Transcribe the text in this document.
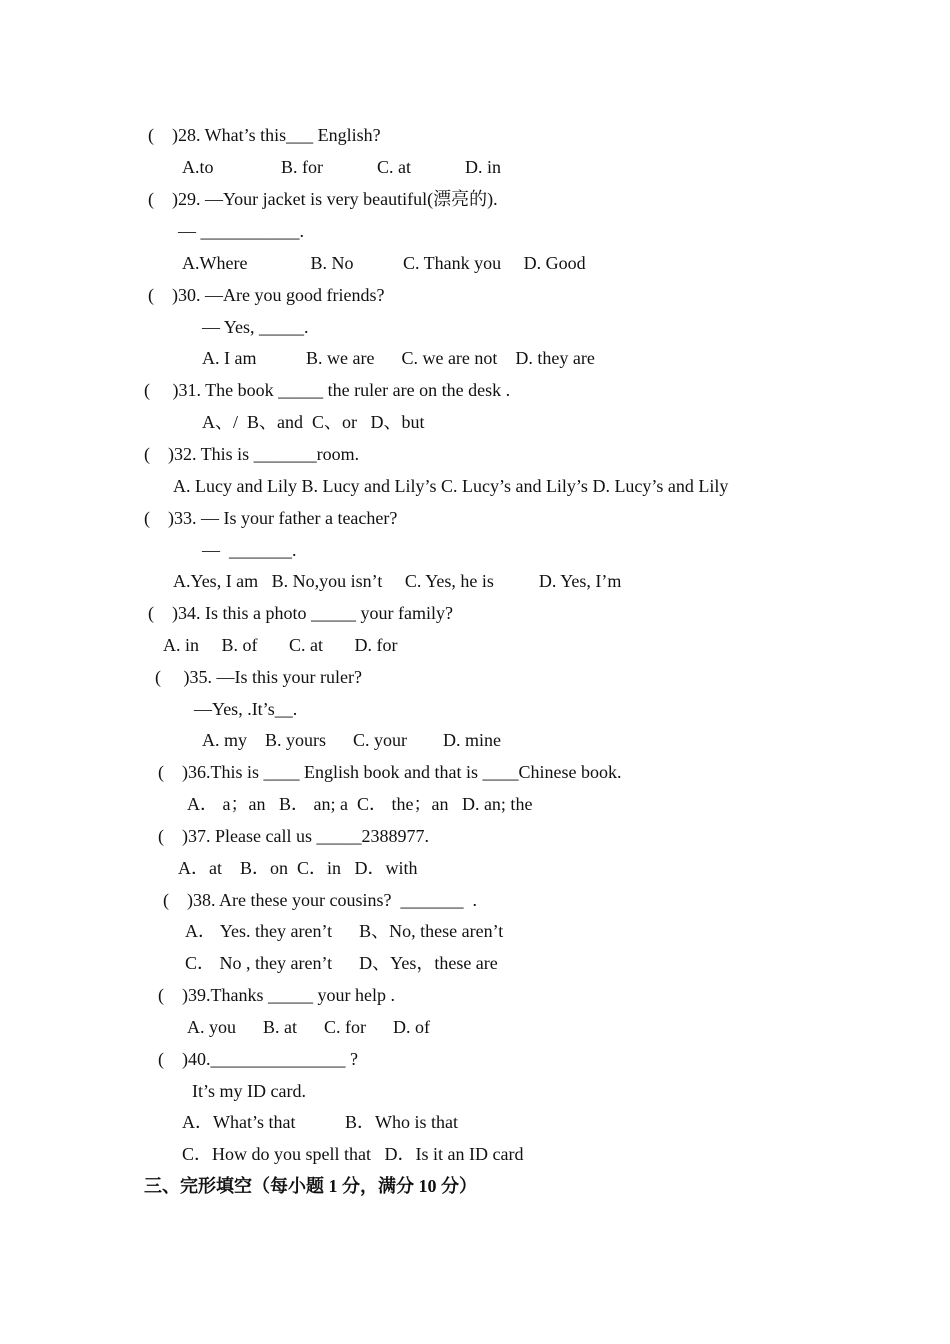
(    )28. What’s this___ English?
A.to               B. for            C. at            D. in
(    )29. —Your jacket is very beautiful(漂亮的).
— ___________.
A.Where              B. No           C. Thank you     D. Good
(    )30. —Are you good friends?
— Yes, _____.
A. I am           B. we are      C. we are not    D. they are
(     )31. The book _____ the ruler are on the desk .
A、/  B、and  C、or   D、but
(    )32. This is _______room.
A. Lucy and Lily B. Lucy and Lily’s C. Lucy’s and Lily’s D. Lucy’s and Lily
(    )33. — Is your father a teacher?
—  _______.
A.Yes, I am   B. No,you isn’t     C. Yes, he is          D. Yes, I’m
(    )34. Is this a photo _____ your family?
A. in     B. of       C. at       D. for
(     )35. —Is this your ruler?
—Yes, .It’s__.
A. my    B. yours      C. your        D. mine
(    )36.This is ____ English book and that is ____Chinese book.
A． a；an   B． an; a  C． the；an   D. an; the
(    )37. Please call us _____2388977.
A．at    B．on  C．in   D．with
(    )38. Are these your cousins?  _______  .
A． Yes. they aren’t      B、No, these aren’t
C． No , they aren’t      D、Yes，these are
(    )39.Thanks _____ your help .
A. you      B. at      C. for      D. of
(    )40._______________ ?
It’s my ID card.
A．What’s that           B．Who is that
C．How do you spell that   D．Is it an ID card
三、完形填空（每小题 1 分，满分 10 分）
